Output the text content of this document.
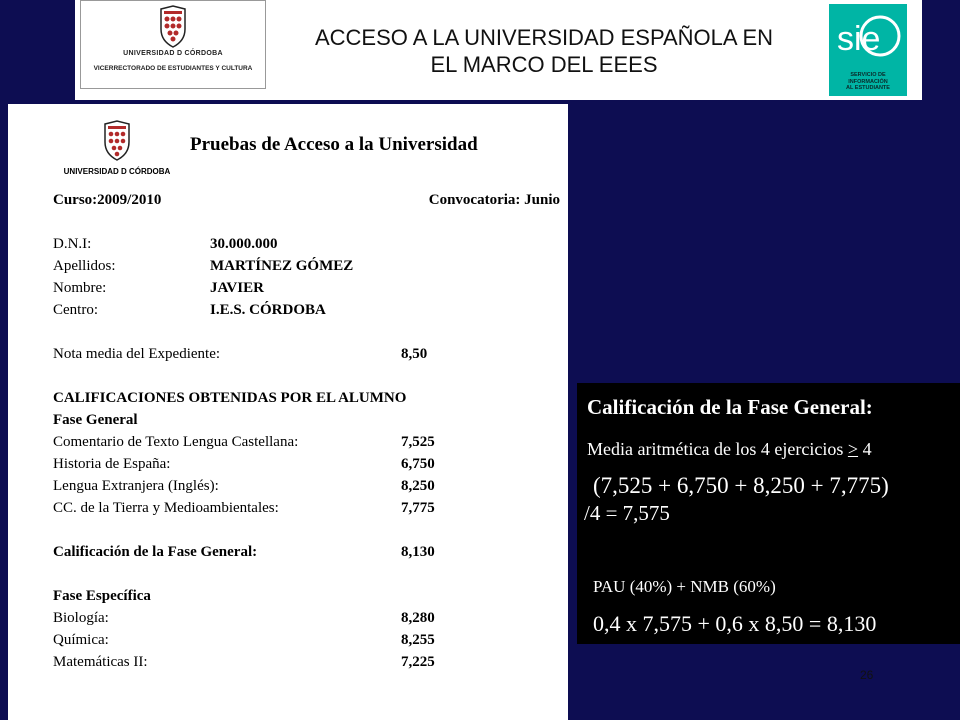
UNIVERSIDAD D CÓRDOBA
VICERRECTORADO DE ESTUDIANTES Y CULTURA
ACCESO A LA UNIVERSIDAD ESPAÑOLA EN
EL MARCO DEL EEES
sie
SERVICIO DE
INFORMACIÓN
AL ESTUDIANTE
UNIVERSIDAD D CÓRDOBA
Pruebas de Acceso a la Universidad
Curso:2009/2010	Convocatoria: Junio
D.N.I:	30.000.000
Apellidos:	MARTÍNEZ GÓMEZ
Nombre:	JAVIER
Centro:	I.E.S. CÓRDOBA
Nota media del Expediente:	8,50
CALIFICACIONES OBTENIDAS POR EL ALUMNO
Fase General
Comentario de Texto Lengua Castellana:	7,525
Historia de España:	6,750
Lengua Extranjera (Inglés):	8,250
CC. de la Tierra y Medioambientales:	7,775
Calificación de la Fase General:	8,130
Fase Específica
Biología:	8,280
Química:	8,255
Matemáticas II:	7,225
Calificación de la Fase General:
Media aritmética de los 4 ejercicios > 4
(7,525 + 6,750 + 8,250 + 7,775)
/4 = 7,575
PAU (40%) + NMB (60%)
0,4 x 7,575 + 0,6 x 8,50 = 8,130
26
